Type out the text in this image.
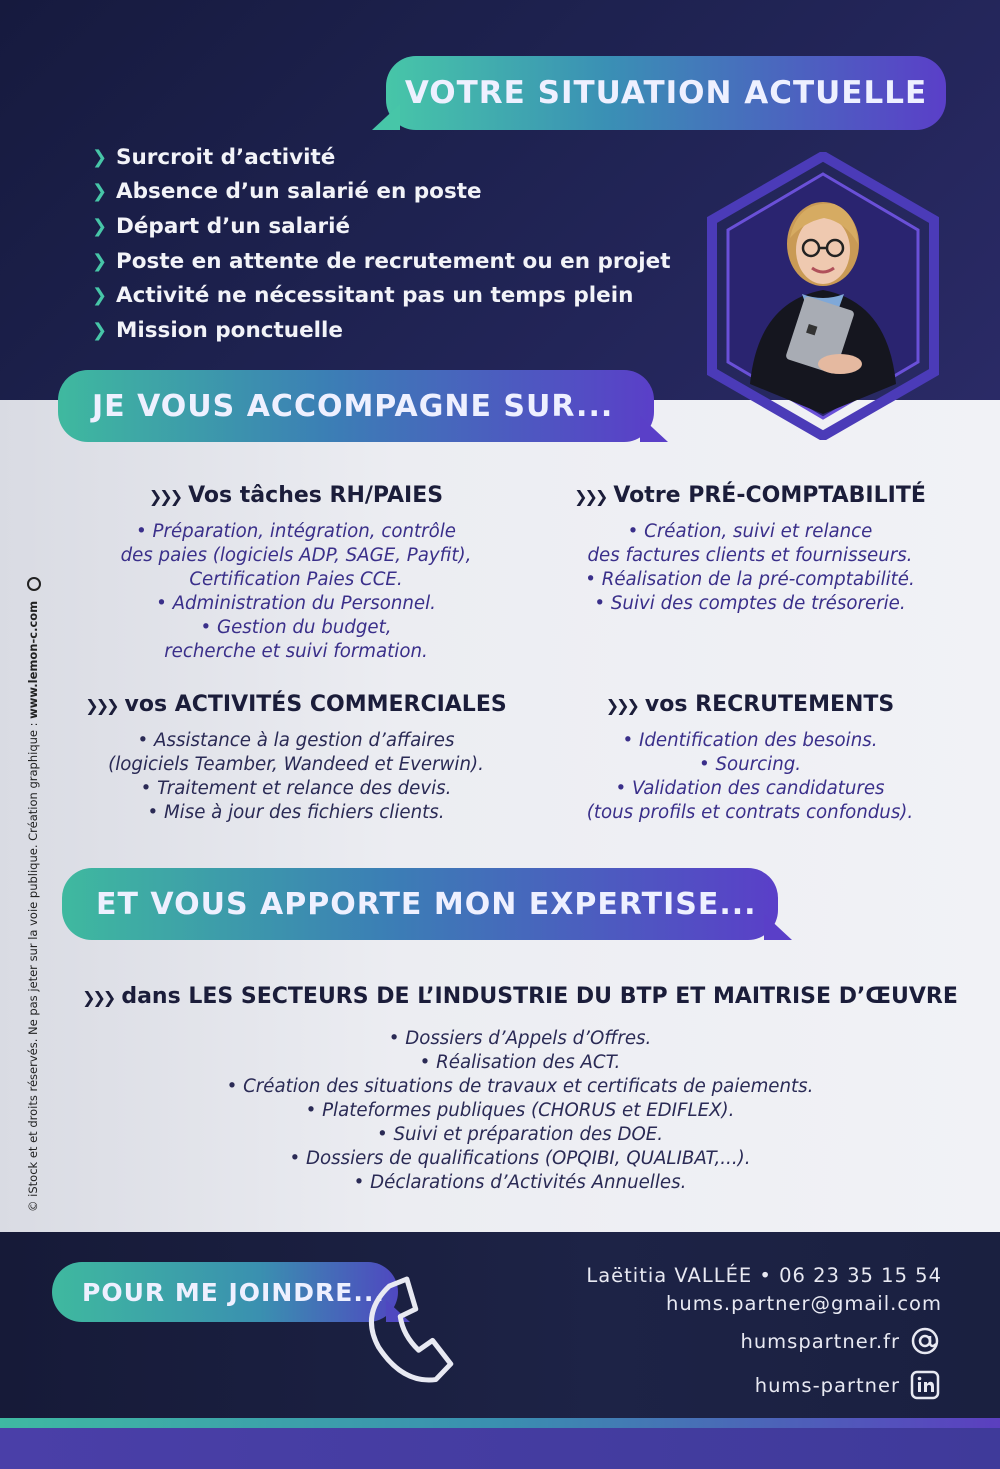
VOTRE SITUATION ACTUELLE
❯ Surcroit d’activité
❯ Absence d’un salarié en poste
❯ Départ d’un salarié
❯ Poste en attente de recrutement ou en projet
❯ Activité ne nécessitant pas un temps plein
❯ Mission ponctuelle
JE VOUS ACCOMPAGNE SUR...
❯❯❯ Vos tâches RH/PAIES

• Préparation, intégration, contrôle

des paies (logiciels ADP, SAGE, Payfit),

Certification Paies CCE.

• Administration du Personnel.

• Gestion du budget,

recherche et suivi formation.

❯❯❯ Votre PRÉ-COMPTABILITÉ

• Création, suivi et relance

des factures clients et fournisseurs.

• Réalisation de la pré-comptabilité.

• Suivi des comptes de trésorerie.

❯❯❯ vos ACTIVITÉS COMMERCIALES

• Assistance à la gestion d’affaires

(logiciels Teamber, Wandeed et Everwin).

• Traitement et relance des devis.

• Mise à jour des fichiers clients.

❯❯❯ vos RECRUTEMENTS

• Identification des besoins.

• Sourcing.

• Validation des candidatures

(tous profils et contrats confondus).

ET VOUS APPORTE MON EXPERTISE...
❯❯❯ dans LES SECTEURS DE L’INDUSTRIE DU BTP ET MAITRISE D’ŒUVRE

• Dossiers d’Appels d’Offres.

• Réalisation des ACT.

• Création des situations de travaux et certificats de paiements.

• Plateformes publiques (CHORUS et EDIFLEX).

• Suivi et préparation des DOE.

• Dossiers de qualifications (OPQIBI, QUALIBAT,...).

• Déclarations d’Activités Annuelles.

© iStock et et droits réservés. Ne pas jeter sur la voie publique. Création graphique : www.lemon-c.com
POUR ME JOINDRE...
Laëtitia VALLÉE • 06 23 35 15 54
hums.partner@gmail.com
humspartner.fr
hums-partner
